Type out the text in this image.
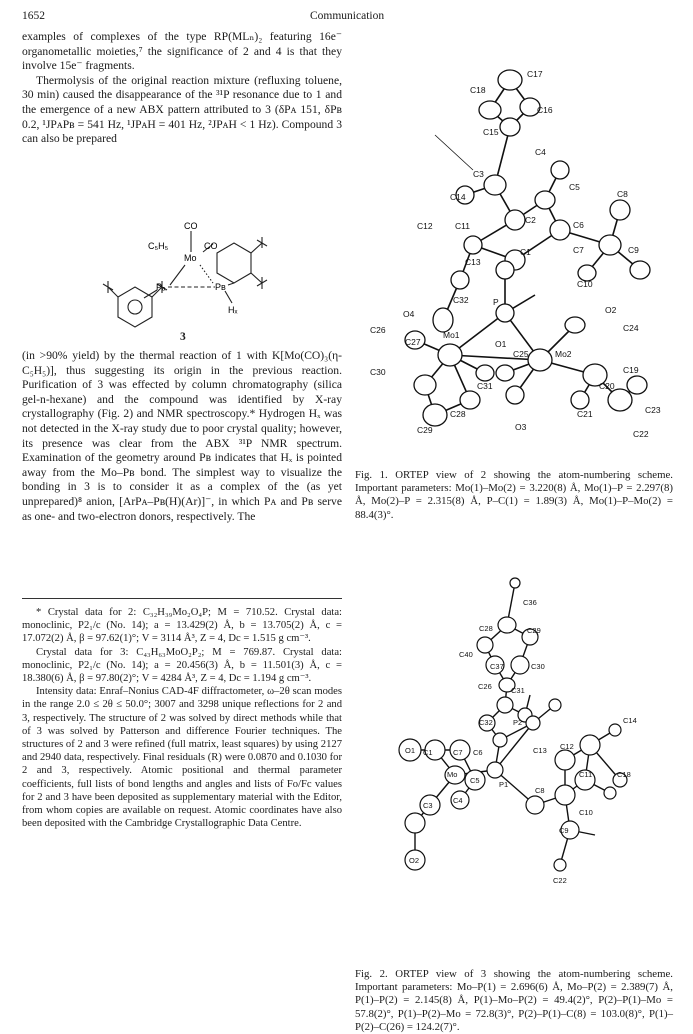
1652	Communication

examples of complexes of the type RP(MLₙ)₂ featuring 16e⁻ organometallic moieties,⁷ the significance of 2 and 4 is that they involve 15e⁻ fragments.

Thermolysis of the original reaction mixture (refluxing toluene, 30 min) caused the disappearance of the ³¹P resonance due to 1 and the emergence of a new ABX pattern attributed to 3 (δPᴀ 151, δPʙ 0.2, ¹JPᴀPʙ = 541 Hz, ¹JPᴀH = 401 Hz, ²JPᴀH < 1 Hz). Compound 3 can also be prepared

CO
CO
C₅H₅
Mo
Pₐ	Pʙ
Hₓ
3

(in >90% yield) by the thermal reaction of 1 with K[Mo(CO)₃(η-C₅H₅)], thus suggesting its origin in the previous reaction. Purification of 3 was effected by column chromatography (silica gel-n-hexane) and the compound was identified by X-ray crystallography (Fig. 2) and NMR spectroscopy.* Hydrogen Hₓ was not detected in the X-ray study due to poor crystal quality; however, its presence was clear from the ABX ³¹P NMR spectrum. Examination of the geometry around Pʙ indicates that Hₓ is pointed away from the Mo–Pʙ bond. The simplest way to visualize the bonding in 3 is to consider it as a complex of the (as yet unprepared)⁸ anion, [ArPᴀ–Pʙ(H)(Ar)]⁻, in which Pᴀ and Pʙ serve as one- and two-electron donors, respectively. The

* Crystal data for 2: C₃₂H₃₉Mo₂O₄P; M = 710.52. Crystal data: monoclinic, P2₁/c (No. 14); a = 13.429(2) Å, b = 13.705(2) Å, c = 17.072(2) Å, β = 97.62(1)°; V = 3114 Å³, Z = 4, Dc = 1.515 g cm⁻³.

Crystal data for 3: C₄₃H₆₃MoO₂P₂; M = 769.87. Crystal data: monoclinic, P2₁/c (No. 14); a = 20.456(3) Å, b = 11.501(3) Å, c = 18.380(6) Å, β = 97.80(2)°; V = 4284 Å³, Z = 4, Dc = 1.194 g cm⁻³.

Intensity data: Enraf–Nonius CAD-4F diffractometer, ω–2θ scan modes in the range 2.0 ≤ 2θ ≤ 50.0°; 3007 and 3298 unique reflections for 2 and 3, respectively. The structure of 2 was solved by direct methods while that of 3 was solved by Patterson and difference Fourier techniques. The structures of 2 and 3 were refined (full matrix, least squares) by using 2127 and 2940 data, respectively. Final residuals (R) were 0.0870 and 0.1030 for 2 and 3, respectively. Atomic positional and thermal parameter coefficients, full lists of bond lengths and angles and lists of Fo/Fc values for 2 and 3 have been deposited as supplementary material with the Editor, from whom copies are available on request. Atomic coordinates have also been deposited with the Cambridge Crystallographic Data Centre.

C17
C18
C16
C15
C4
C3
C5
C14	C8
C12	C11
C2	C6
C13
C1	C7	C9
C10
O4
C32	P
O2
C26	C24
C27
Mo1
O1
C25	Mo2
C19
C31
C30
C20
C28	C21	C23
C29	O3
C22
Fig. 1. ORTEP view of 2 showing the atom-numbering scheme. Important parameters: Mo(1)–Mo(2) = 3.220(8) Å, Mo(1)–P = 2.297(8) Å, Mo(2)–P = 2.315(8) Å, P–C(1) = 1.89(3) Å, Mo(1)–P–Mo(2) = 88.4(3)°.
C36
C28	C29
C40
C37	C30
C26	C31
C32	P2	C14
O1 C1	C7 C6
P1
C13 C12
Mo
C5
C8
C11	C18
C3
C4
C10
C9
O2
C22
Fig. 2. ORTEP view of 3 showing the atom-numbering scheme. Important parameters: Mo–P(1) = 2.696(6) Å, Mo–P(2) = 2.389(7) Å, P(1)–P(2) = 2.145(8) Å, P(1)–Mo–P(2) = 49.4(2)°, P(2)–P(1)–Mo = 57.8(2)°, P(1)–P(2)–Mo = 72.8(3)°, P(2)–P(1)–C(8) = 103.0(8)°, P(1)–P(2)–C(26) = 124.2(7)°.
